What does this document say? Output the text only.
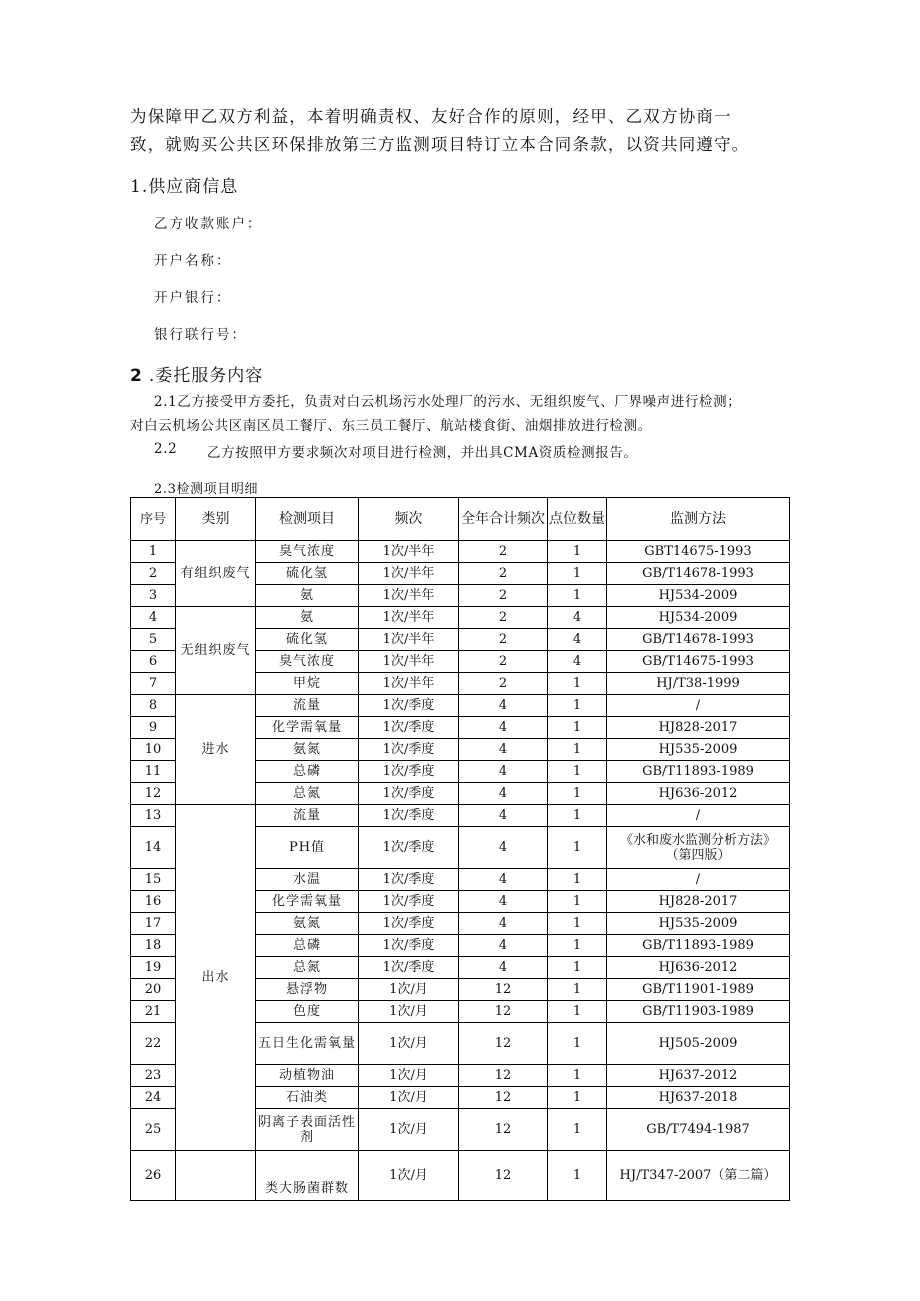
为保障甲乙双方利益，本着明确责权、友好合作的原则，经甲、乙双方协商一
致，就购买公共区环保排放第三方监测项目特订立本合同条款，以资共同遵守。
1.供应商信息
乙方收款账户：
开户名称：
开户银行：
银行联行号：
2 .委托服务内容
2.1乙方接受甲方委托，负责对白云机场污水处理厂的污水、无组织废气、厂界噪声进行检测；
对白云机场公共区南区员工餐厅、东三员工餐厅、航站楼食街、油烟排放进行检测。
2.2 乙方按照甲方要求频次对项目进行检测，并出具CMA资质检测报告。
2.3检测项目明细
序号	类别	检测项目	频次	全年合计频次	点位数量	监测方法
1	有组织废气	臭气浓度	1次/半年	2	1	GBT14675-1993
2		硫化氢	1次/半年	2	1	GB/T14678-1993
3		氨	1次/半年	2	1	HJ534-2009
4	无组织废气	氨	1次/半年	2	4	HJ534-2009
5		硫化氢	1次/半年	2	4	GB/T14678-1993
6		臭气浓度	1次/半年	2	4	GB/T14675-1993
7		甲烷	1次/半年	2	1	HJ/T38-1999
8	进水	流量	1次/季度	4	1	/
9		化学需氧量	1次/季度	4	1	HJ828-2017
10		氨氮	1次/季度	4	1	HJ535-2009
11		总磷	1次/季度	4	1	GB/T11893-1989
12		总氮	1次/季度	4	1	HJ636-2012
13	出水	流量	1次/季度	4	1	/
14		PH值	1次/季度	4	1	《水和废水监测分析方法》（第四版）
15		水温	1次/季度	4	1	/
16		化学需氧量	1次/季度	4	1	HJ828-2017
17		氨氮	1次/季度	4	1	HJ535-2009
18		总磷	1次/季度	4	1	GB/T11893-1989
19		总氮	1次/季度	4	1	HJ636-2012
20		悬浮物	1次/月	12	1	GB/T11901-1989
21		色度	1次/月	12	1	GB/T11903-1989
22		五日生化需氧量	1次/月	12	1	HJ505-2009
23		动植物油	1次/月	12	1	HJ637-2012
24		石油类	1次/月	12	1	HJ637-2018
25		阴离子表面活性剂	1次/月	12	1	GB/T7494-1987
26		类大肠菌群数	1次/月	12	1	HJ/T347-2007（第二篇）
